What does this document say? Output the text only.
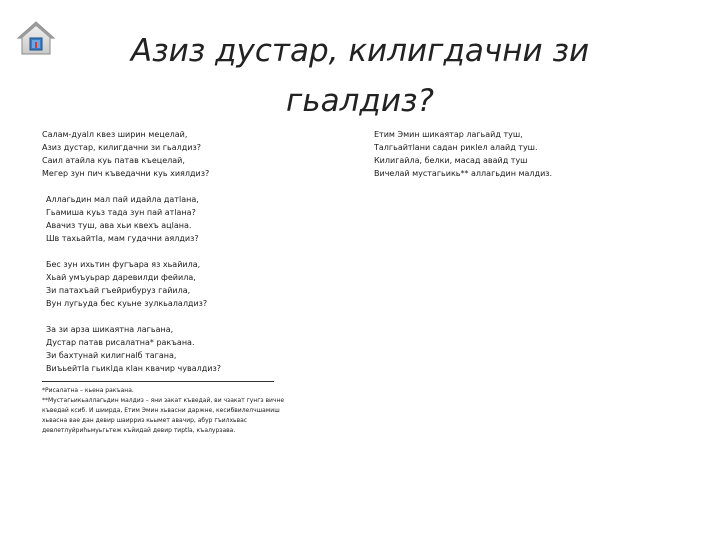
Азиз дустар, килигдачни зи гьалдиз?
Салам-дуаlл квез ширин мецелай,
Азиз дустар, килигдачни зи гьалдиз?
Саил атайла куь патав къецелай,
Мегер зун пич къведачни куь хиялдиз?
Аллагьдин мал пай идайла датlана,
Гьамиша куьз тада зун пай атlана?
Авачиз туш, ава хьи квехъ ацlана.
Шв тахьайтIа, мам гудачни аялдиз?
Бес зун ихьтин фугъара яз хьайила,
Хьай умъуьрар даревилди фейила,
Зи патахъай гъейрибуруз гайила,
Вун лугьуда бес куьне зулкьалалдиз?
За зи арза шикаятна лагьана,
Дустар патав рисалатна* ракъана.
Зи бахтунай килигнаlб тагана,
ВиъьейтIа гьикlда кlан квачир чувалдиз?
*Рисалатна – кьена ракъана.
**Мустагьикьаллагьдин малдиз – яни закат къведай, ви чзакат гунгз вичне къведай ксиб. И шиирда, Етим Эмин хьвасни даржне, кесибвилелчшамиш хьвасна вае дан девир шаирриз кьымет авачир, абур гъилхьвас девлетлуйриhьмуьгьтеж къйидай девир тирtla, къалурзава.
Етим Эмин шикаятар лагьайд туш,
Талгьайтlани садан рикlел алайд туш.
Килигайла, белки, масад авайд туш
Вичелай мустагьикь** аллагьдин малдиз.
